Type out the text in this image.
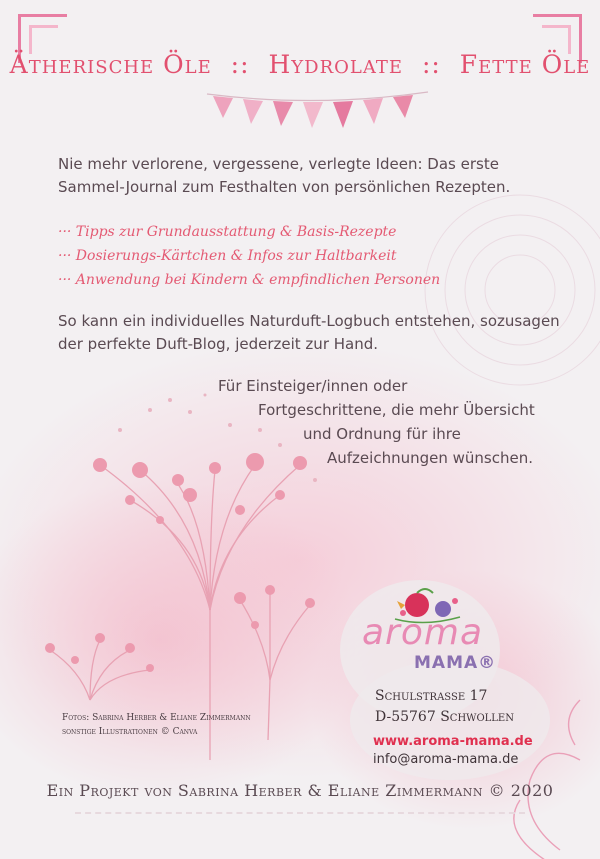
Ätherische Öle :: Hydrolate :: Fette Öle
Nie mehr verlorene, vergessene, verlegte Ideen: Das erste Sammel-Journal zum Festhalten von persönlichen Rezepten.
··· Tipps zur Grundausstattung & Basis-Rezepte
··· Dosierungs-Kärtchen & Infos zur Haltbarkeit
··· Anwendung bei Kindern & empfindlichen Personen
So kann ein individuelles Naturduft-Logbuch entstehen, sozusagen der perfekte Duft-Blog, jederzeit zur Hand.
Für Einsteiger/innen oder
Fortgeschrittene, die mehr Übersicht
und Ordnung für ihre
Aufzeichnungen wünschen.
aroma
MAMA®
Schulstrasse 17
D-55767 Schwollen
www.aroma-mama.de
info@aroma-mama.de
Fotos: Sabrina Herber & Eliane Zimmermann
sonstige Illustrationen © Canva
Ein Projekt von Sabrina Herber & Eliane Zimmermann © 2020
